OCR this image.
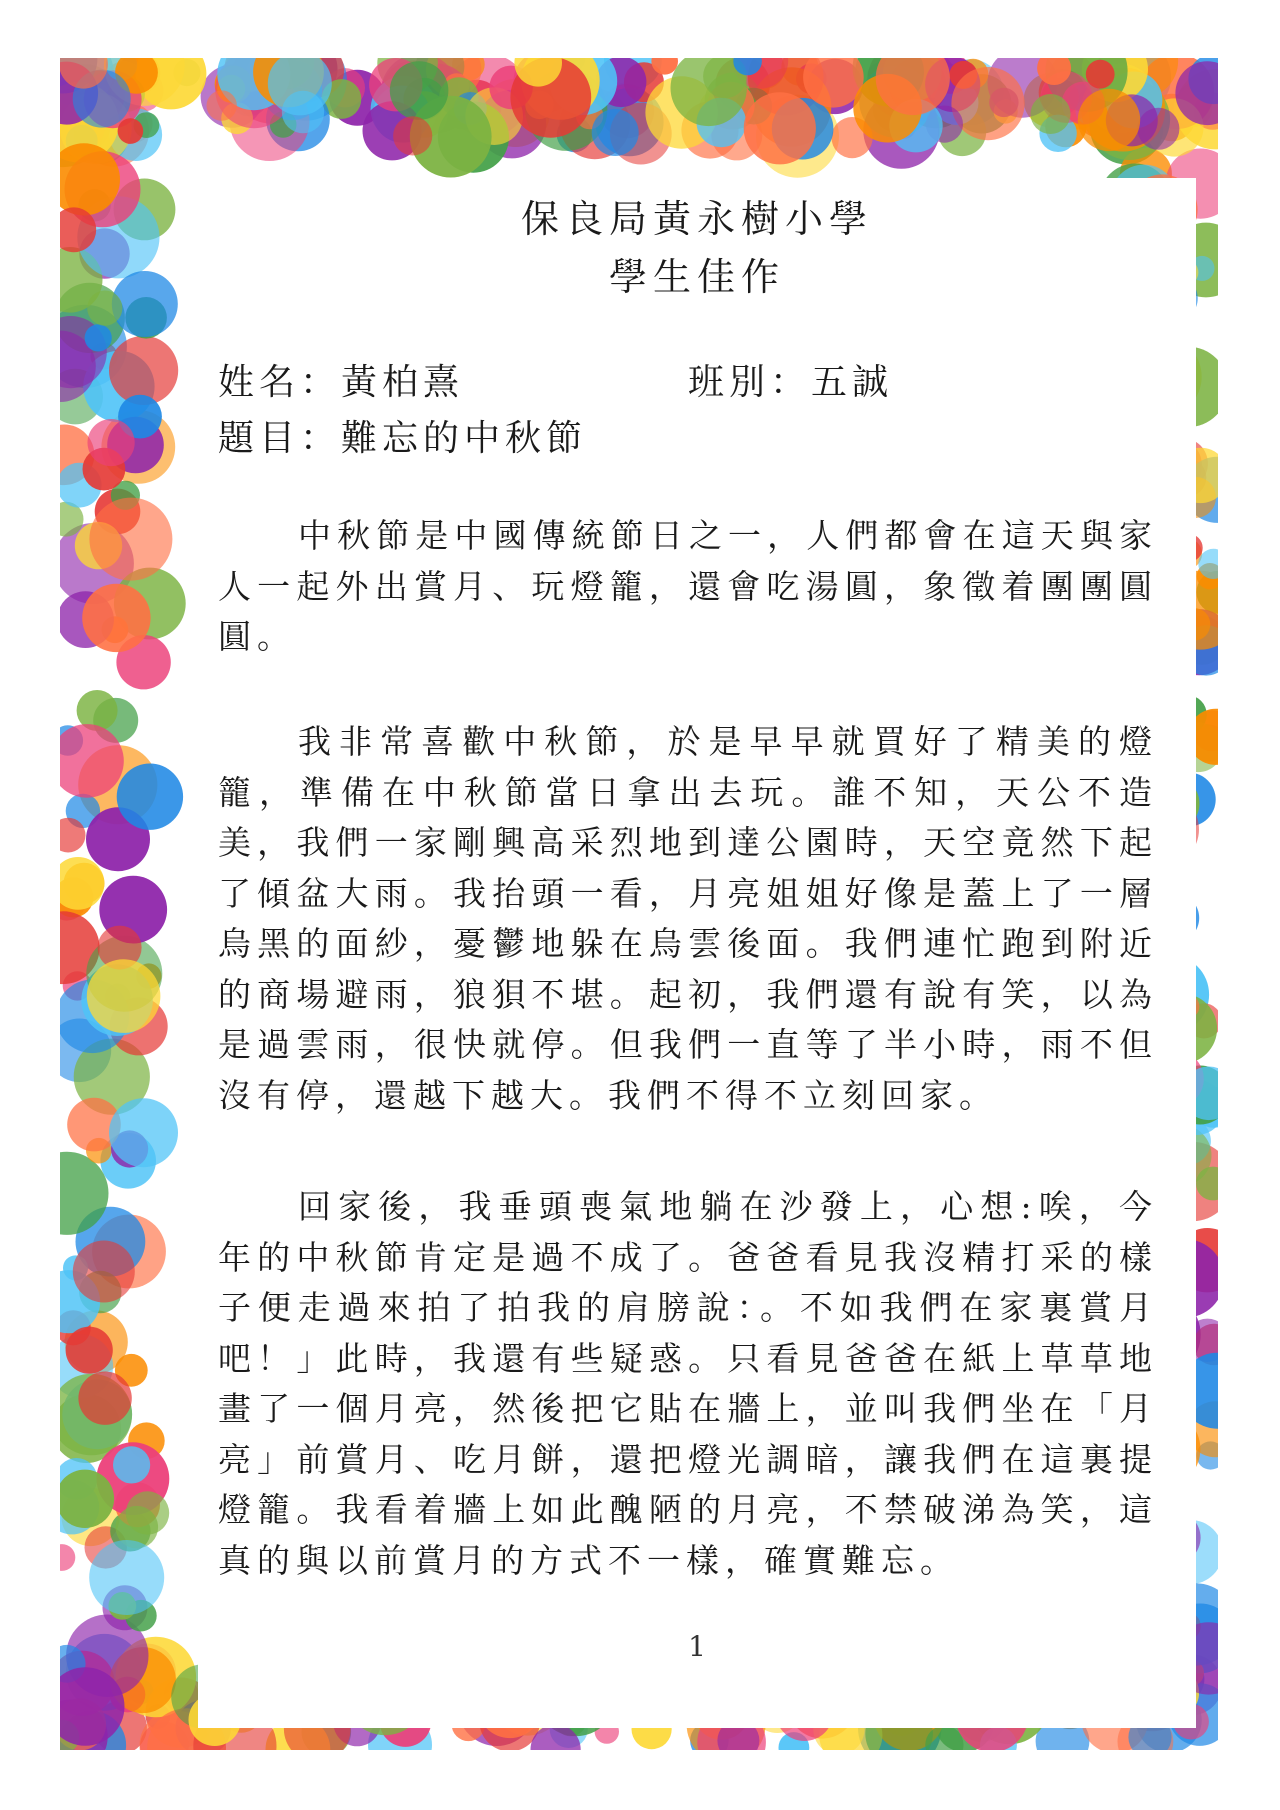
保良局黃永樹小學
學生佳作
姓名：黃柏熹	班別：五誠
題目：難忘的中秋節
中秋節是中國傳統節日之一，人們都會在這天與家人一起外出賞月、玩燈籠，還會吃湯圓，象徵着團團圓圓。
我非常喜歡中秋節，於是早早就買好了精美的燈籠，準備在中秋節當日拿出去玩。誰不知，天公不造美，我們一家剛興高采烈地到達公園時，天空竟然下起了傾盆大雨。我抬頭一看，月亮姐姐好像是蓋上了一層烏黑的面紗，憂鬱地躲在烏雲後面。我們連忙跑到附近的商場避雨，狼狽不堪。起初，我們還有說有笑，以為是過雲雨，很快就停。但我們一直等了半小時，雨不但沒有停，還越下越大。我們不得不立刻回家。
回家後，我垂頭喪氣地躺在沙發上，心想:唉，今年的中秋節肯定是過不成了。爸爸看見我沒精打采的樣子便走過來拍了拍我的肩膀說：。不如我們在家裏賞月吧！」此時，我還有些疑惑。只看見爸爸在紙上草草地畫了一個月亮，然後把它貼在牆上，並叫我們坐在「月亮」前賞月、吃月餅，還把燈光調暗，讓我們在這裏提燈籠。我看着牆上如此醜陋的月亮，不禁破涕為笑，這真的與以前賞月的方式不一樣，確實難忘。
1
